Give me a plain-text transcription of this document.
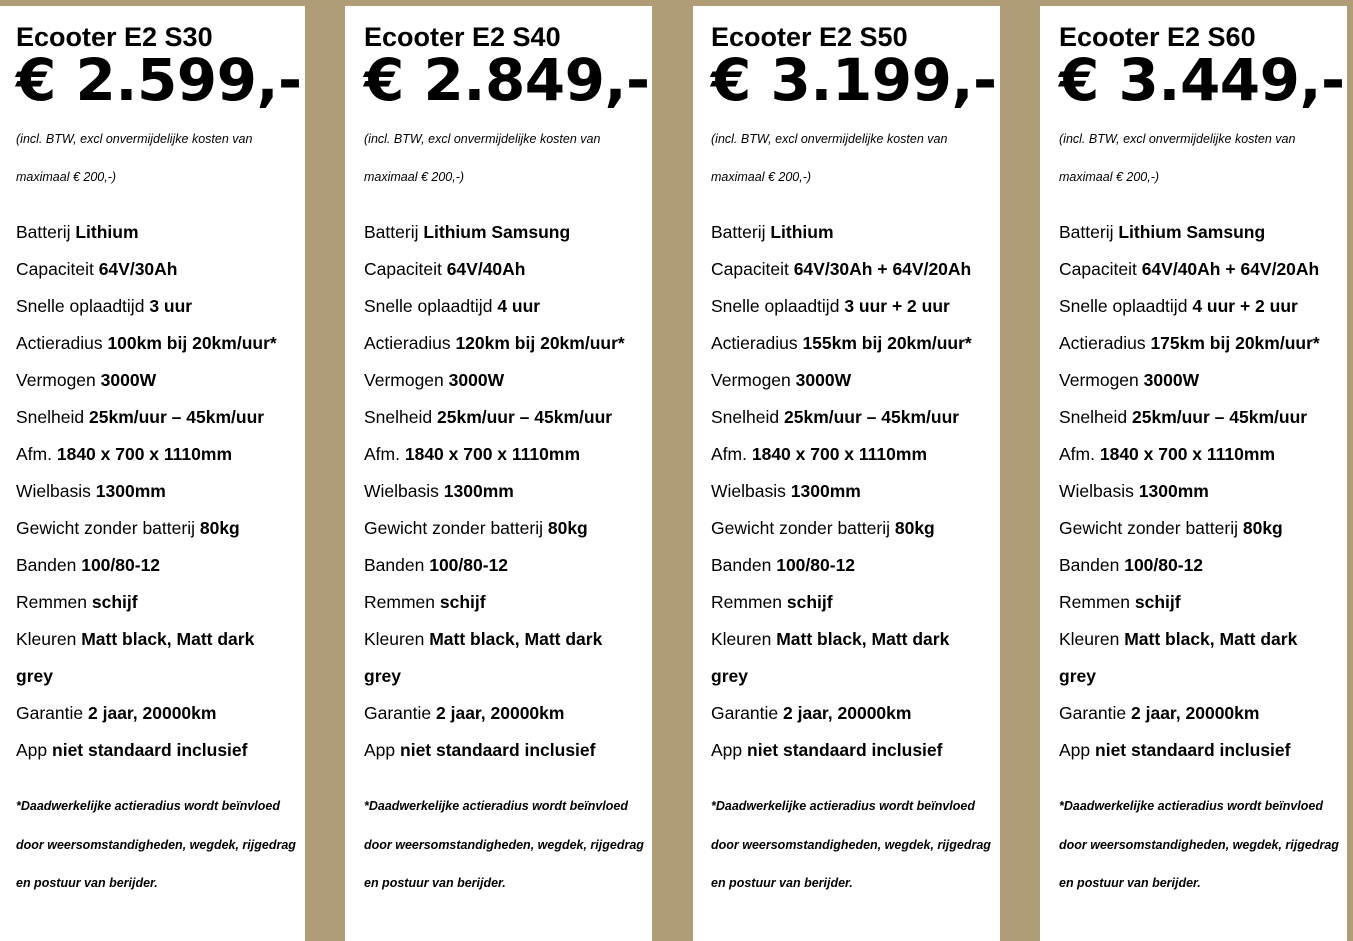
Ecooter E2 S30
€ 2.599,-
(incl. BTW, excl onvermijdelijke kosten van maximaal € 200,-)
Batterij Lithium
Capaciteit 64V/30Ah
Snelle oplaadtijd 3 uur
Actieradius 100km bij 20km/uur*
Vermogen 3000W
Snelheid 25km/uur – 45km/uur
Afm. 1840 x 700 x 1110mm
Wielbasis 1300mm
Gewicht zonder batterij 80kg
Banden 100/80-12
Remmen schijf
Kleuren Matt black, Matt dark grey
Garantie 2 jaar, 20000km
App niet standaard inclusief
*Daadwerkelijke actieradius wordt beïnvloed door weersomstandigheden, wegdek, rijgedrag en postuur van berijder.
Ecooter E2 S40
€ 2.849,-
(incl. BTW, excl onvermijdelijke kosten van maximaal € 200,-)
Batterij Lithium Samsung
Capaciteit 64V/40Ah
Snelle oplaadtijd 4 uur
Actieradius 120km bij 20km/uur*
Vermogen 3000W
Snelheid 25km/uur – 45km/uur
Afm. 1840 x 700 x 1110mm
Wielbasis 1300mm
Gewicht zonder batterij 80kg
Banden 100/80-12
Remmen schijf
Kleuren Matt black, Matt dark grey
Garantie 2 jaar, 20000km
App niet standaard inclusief
*Daadwerkelijke actieradius wordt beïnvloed door weersomstandigheden, wegdek, rijgedrag en postuur van berijder.
Ecooter E2 S50
€ 3.199,-
(incl. BTW, excl onvermijdelijke kosten van maximaal € 200,-)
Batterij Lithium
Capaciteit 64V/30Ah + 64V/20Ah
Snelle oplaadtijd 3 uur + 2 uur
Actieradius 155km bij 20km/uur*
Vermogen 3000W
Snelheid 25km/uur – 45km/uur
Afm. 1840 x 700 x 1110mm
Wielbasis 1300mm
Gewicht zonder batterij 80kg
Banden 100/80-12
Remmen schijf
Kleuren Matt black, Matt dark grey
Garantie 2 jaar, 20000km
App niet standaard inclusief
*Daadwerkelijke actieradius wordt beïnvloed door weersomstandigheden, wegdek, rijgedrag en postuur van berijder.
Ecooter E2 S60
€ 3.449,-
(incl. BTW, excl onvermijdelijke kosten van maximaal € 200,-)
Batterij Lithium Samsung
Capaciteit 64V/40Ah + 64V/20Ah
Snelle oplaadtijd 4 uur + 2 uur
Actieradius 175km bij 20km/uur*
Vermogen 3000W
Snelheid 25km/uur – 45km/uur
Afm. 1840 x 700 x 1110mm
Wielbasis 1300mm
Gewicht zonder batterij 80kg
Banden 100/80-12
Remmen schijf
Kleuren Matt black, Matt dark grey
Garantie 2 jaar, 20000km
App niet standaard inclusief
*Daadwerkelijke actieradius wordt beïnvloed door weersomstandigheden, wegdek, rijgedrag en postuur van berijder.
